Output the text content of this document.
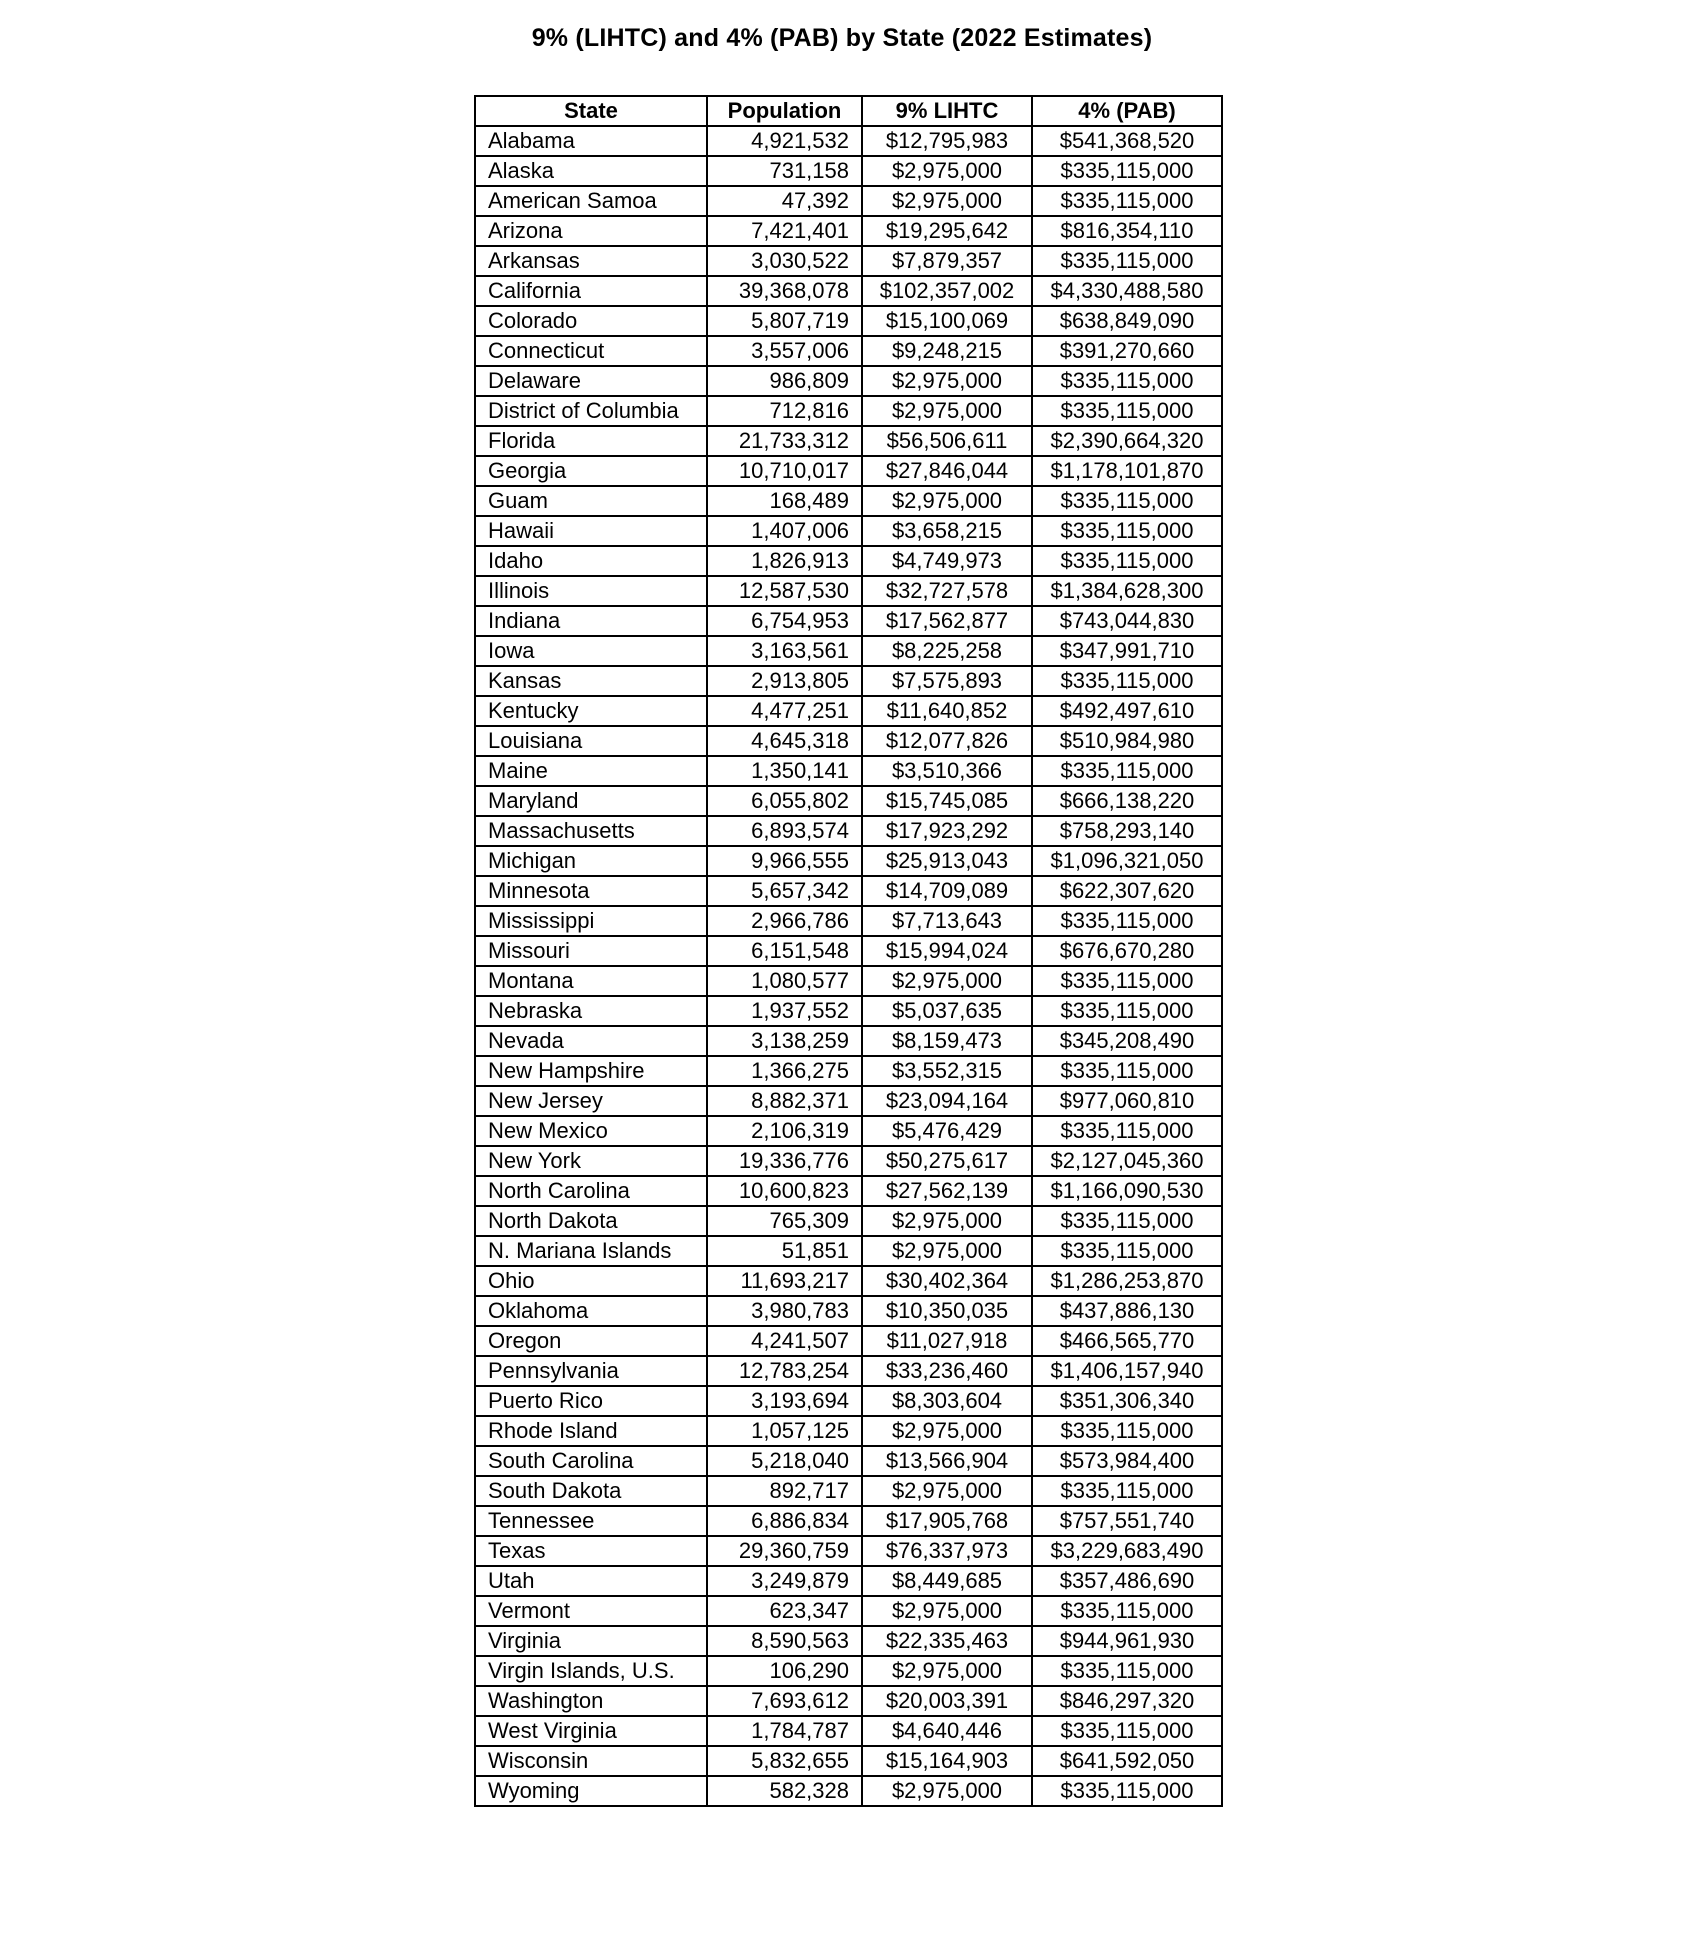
9% (LIHTC) and 4% (PAB) by State (2022 Estimates)
State	Population	9% LIHTC	4% (PAB)
Alabama	4,921,532	$12,795,983	$541,368,520
Alaska	731,158	$2,975,000	$335,115,000
American Samoa	47,392	$2,975,000	$335,115,000
Arizona	7,421,401	$19,295,642	$816,354,110
Arkansas	3,030,522	$7,879,357	$335,115,000
California	39,368,078	$102,357,002	$4,330,488,580
Colorado	5,807,719	$15,100,069	$638,849,090
Connecticut	3,557,006	$9,248,215	$391,270,660
Delaware	986,809	$2,975,000	$335,115,000
District of Columbia	712,816	$2,975,000	$335,115,000
Florida	21,733,312	$56,506,611	$2,390,664,320
Georgia	10,710,017	$27,846,044	$1,178,101,870
Guam	168,489	$2,975,000	$335,115,000
Hawaii	1,407,006	$3,658,215	$335,115,000
Idaho	1,826,913	$4,749,973	$335,115,000
Illinois	12,587,530	$32,727,578	$1,384,628,300
Indiana	6,754,953	$17,562,877	$743,044,830
Iowa	3,163,561	$8,225,258	$347,991,710
Kansas	2,913,805	$7,575,893	$335,115,000
Kentucky	4,477,251	$11,640,852	$492,497,610
Louisiana	4,645,318	$12,077,826	$510,984,980
Maine	1,350,141	$3,510,366	$335,115,000
Maryland	6,055,802	$15,745,085	$666,138,220
Massachusetts	6,893,574	$17,923,292	$758,293,140
Michigan	9,966,555	$25,913,043	$1,096,321,050
Minnesota	5,657,342	$14,709,089	$622,307,620
Mississippi	2,966,786	$7,713,643	$335,115,000
Missouri	6,151,548	$15,994,024	$676,670,280
Montana	1,080,577	$2,975,000	$335,115,000
Nebraska	1,937,552	$5,037,635	$335,115,000
Nevada	3,138,259	$8,159,473	$345,208,490
New Hampshire	1,366,275	$3,552,315	$335,115,000
New Jersey	8,882,371	$23,094,164	$977,060,810
New Mexico	2,106,319	$5,476,429	$335,115,000
New York	19,336,776	$50,275,617	$2,127,045,360
North Carolina	10,600,823	$27,562,139	$1,166,090,530
North Dakota	765,309	$2,975,000	$335,115,000
N. Mariana Islands	51,851	$2,975,000	$335,115,000
Ohio	11,693,217	$30,402,364	$1,286,253,870
Oklahoma	3,980,783	$10,350,035	$437,886,130
Oregon	4,241,507	$11,027,918	$466,565,770
Pennsylvania	12,783,254	$33,236,460	$1,406,157,940
Puerto Rico	3,193,694	$8,303,604	$351,306,340
Rhode Island	1,057,125	$2,975,000	$335,115,000
South Carolina	5,218,040	$13,566,904	$573,984,400
South Dakota	892,717	$2,975,000	$335,115,000
Tennessee	6,886,834	$17,905,768	$757,551,740
Texas	29,360,759	$76,337,973	$3,229,683,490
Utah	3,249,879	$8,449,685	$357,486,690
Vermont	623,347	$2,975,000	$335,115,000
Virginia	8,590,563	$22,335,463	$944,961,930
Virgin Islands, U.S.	106,290	$2,975,000	$335,115,000
Washington	7,693,612	$20,003,391	$846,297,320
West Virginia	1,784,787	$4,640,446	$335,115,000
Wisconsin	5,832,655	$15,164,903	$641,592,050
Wyoming	582,328	$2,975,000	$335,115,000
